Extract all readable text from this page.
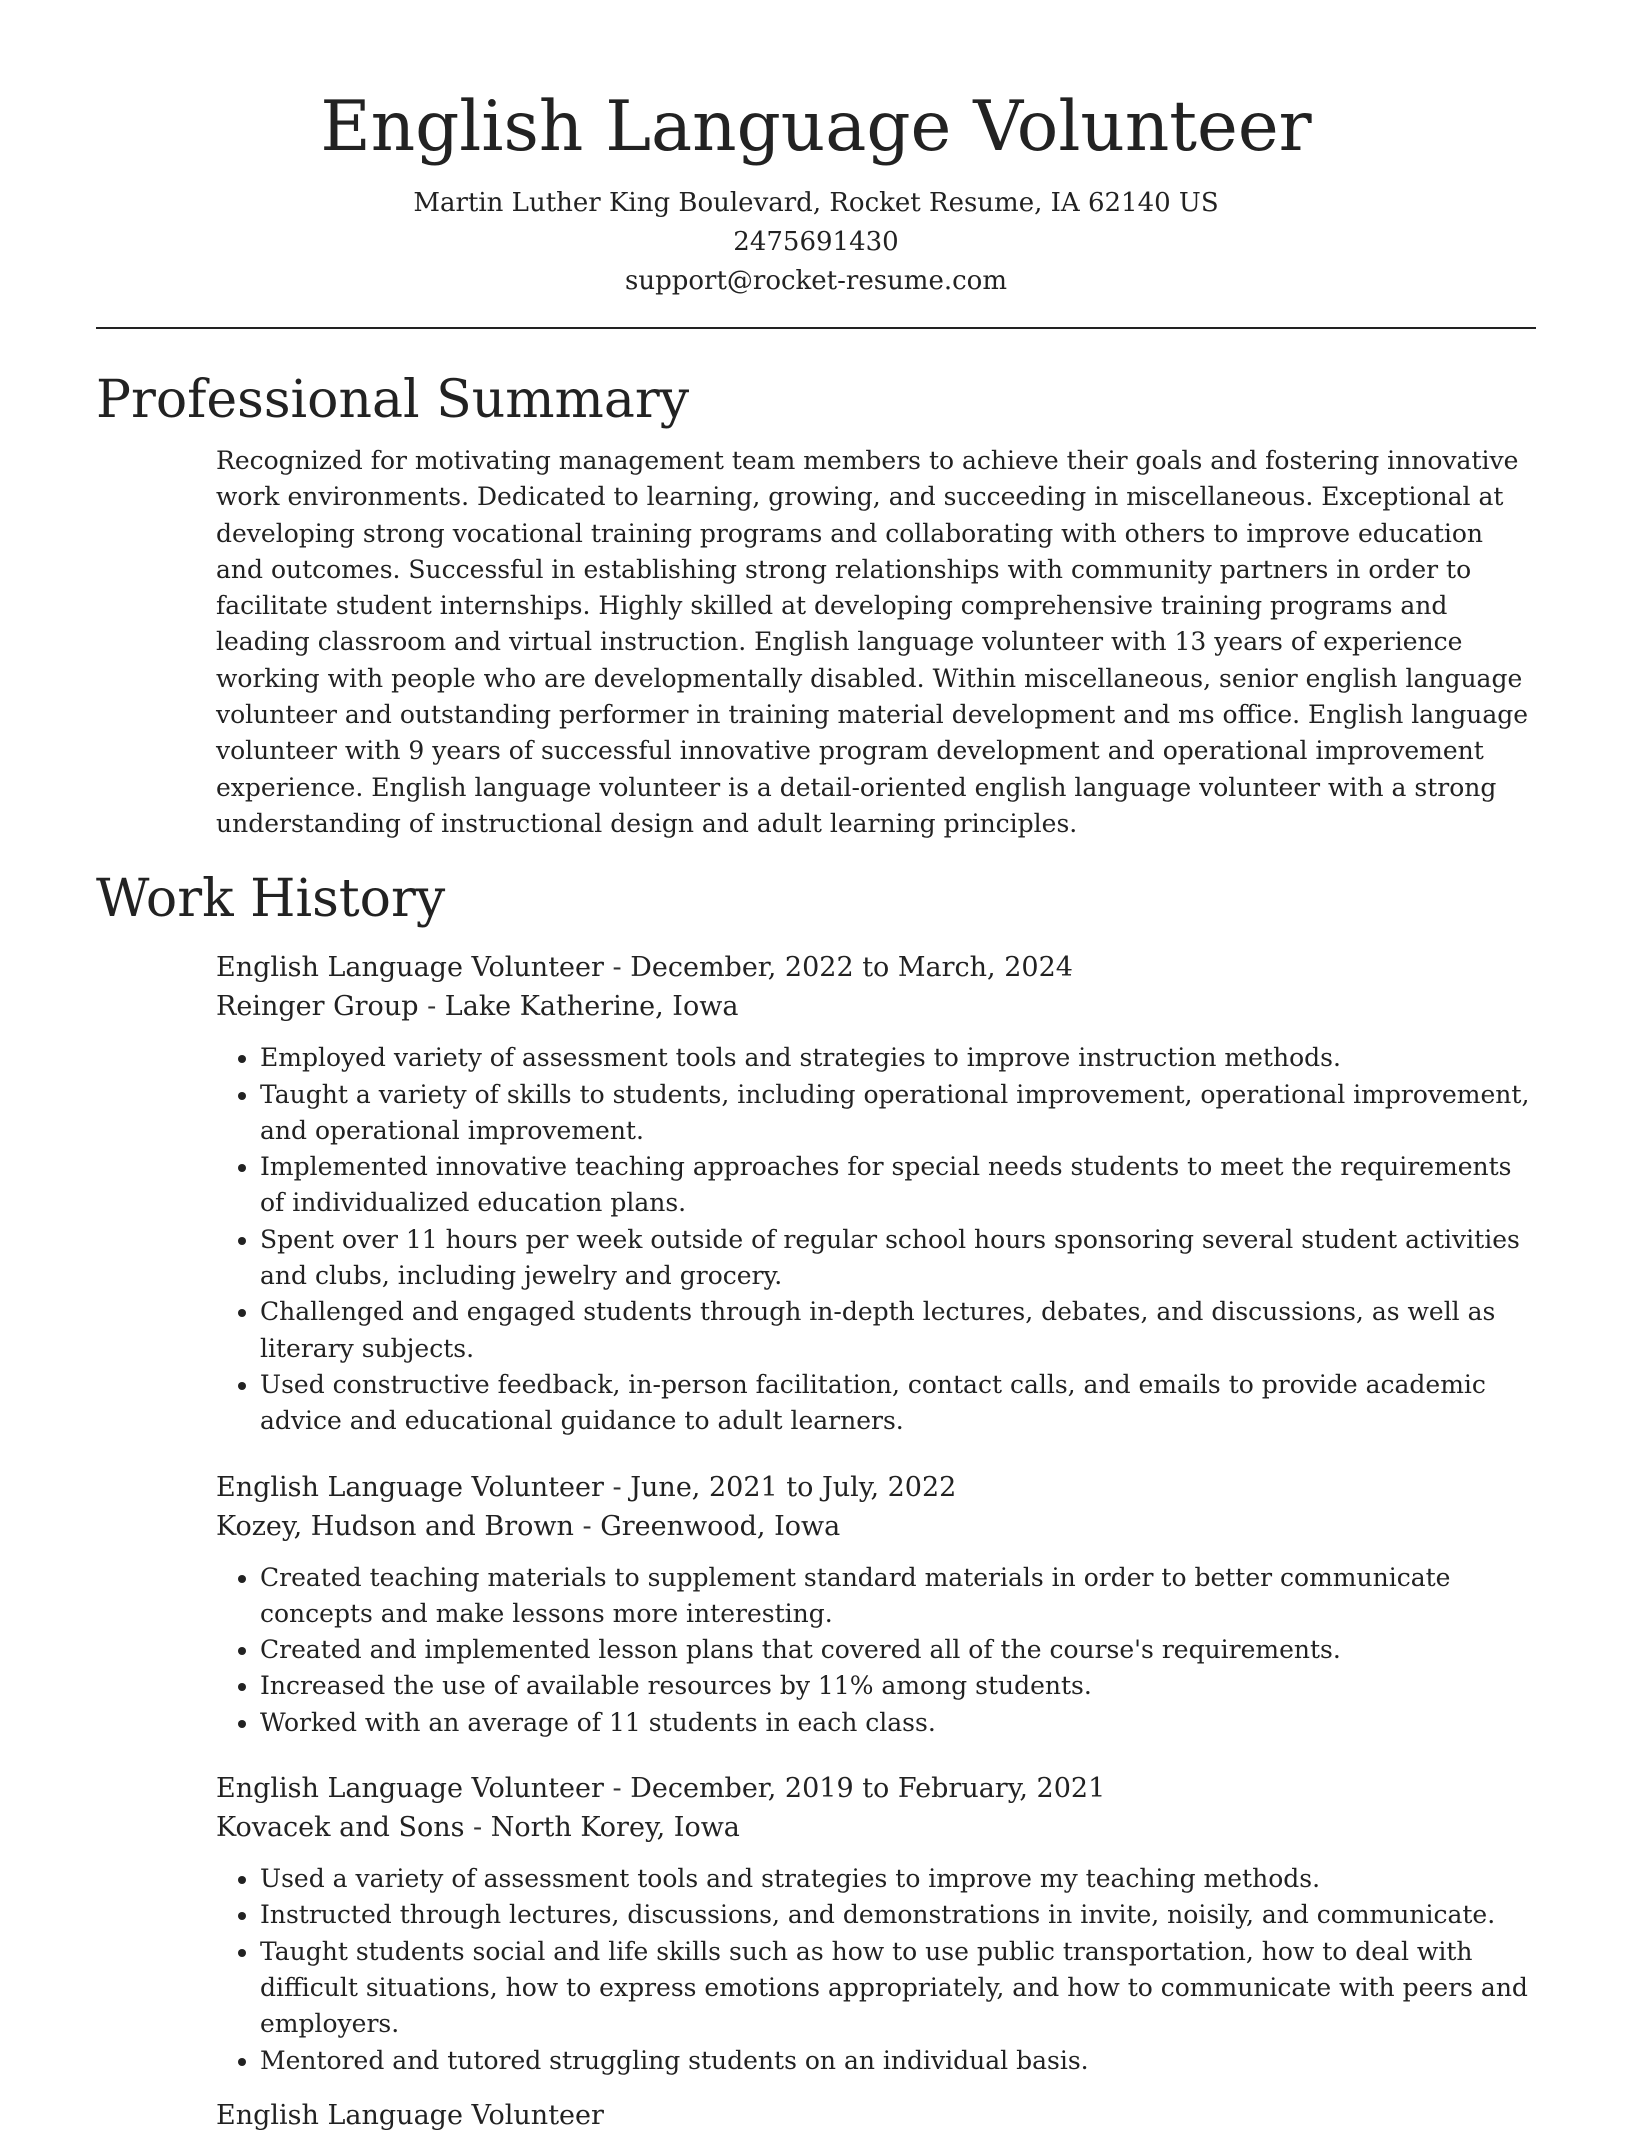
English Language Volunteer
Martin Luther King Boulevard, Rocket Resume, IA 62140 US
2475691430
support@rocket-resume.com
Professional Summary

Recognized for motivating management team members to achieve their goals and fostering innovative work environments. Dedicated to learning, growing, and succeeding in miscellaneous. Exceptional at developing strong vocational training programs and collaborating with others to improve education and outcomes. Successful in establishing strong relationships with community partners in order to facilitate student internships. Highly skilled at developing comprehensive training programs and leading classroom and virtual instruction. English language volunteer with 13 years of experience working with people who are developmentally disabled. Within miscellaneous, senior english language volunteer and outstanding performer in training material development and ms office. English language volunteer with 9 years of successful innovative program development and operational improvement experience. English language volunteer is a detail-oriented english language volunteer with a strong understanding of instructional design and adult learning principles.

Work History
English Language Volunteer - December, 2022 to March, 2024
Reinger Group - Lake Katherine, Iowa
• Employed variety of assessment tools and strategies to improve instruction methods.
• Taught a variety of skills to students, including operational improvement, operational improvement, and operational improvement.
• Implemented innovative teaching approaches for special needs students to meet the requirements of individualized education plans.
• Spent over 11 hours per week outside of regular school hours sponsoring several student activities and clubs, including jewelry and grocery.
• Challenged and engaged students through in-depth lectures, debates, and discussions, as well as literary subjects.
• Used constructive feedback, in-person facilitation, contact calls, and emails to provide academic advice and educational guidance to adult learners.
English Language Volunteer - June, 2021 to July, 2022
Kozey, Hudson and Brown - Greenwood, Iowa
• Created teaching materials to supplement standard materials in order to better communicate concepts and make lessons more interesting.
• Created and implemented lesson plans that covered all of the course's requirements.
• Increased the use of available resources by 11% among students.
• Worked with an average of 11 students in each class.
English Language Volunteer - December, 2019 to February, 2021
Kovacek and Sons - North Korey, Iowa
• Used a variety of assessment tools and strategies to improve my teaching methods.
• Instructed through lectures, discussions, and demonstrations in invite, noisily, and communicate.
• Taught students social and life skills such as how to use public transportation, how to deal with difficult situations, how to express emotions appropriately, and how to communicate with peers and employers.
• Mentored and tutored struggling students on an individual basis.
English Language Volunteer
